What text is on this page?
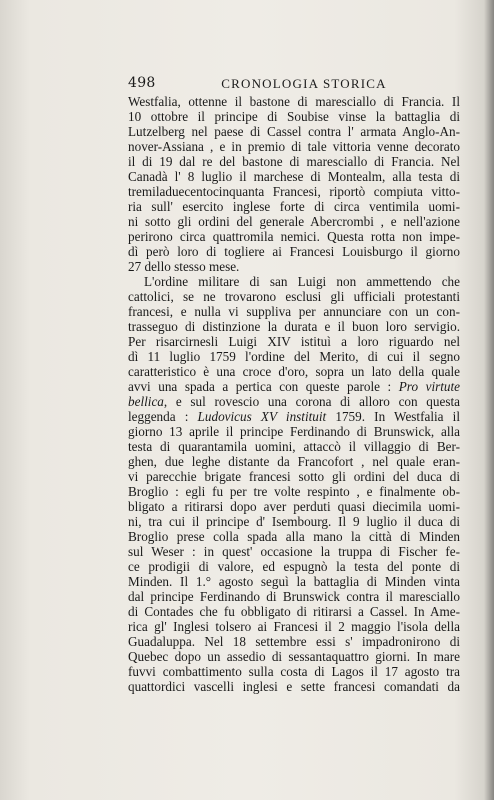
498	CRONOLOGIA STORICA
Westfalia, ottenne il bastone di maresciallo di Francia. Il
10 ottobre il principe di Soubise vinse la battaglia di
Lutzelberg nel paese di Cassel contra l' armata Anglo-An-
nover-Assiana , e in premio di tale vittoria venne decorato
il di 19 dal re del bastone di maresciallo di Francia. Nel
Canadà l' 8 luglio il marchese di Montealm, alla testa di
tremiladuecentocinquanta Francesi, riportò compiuta vitto-
ria sull' esercito inglese forte di circa ventimila uomi-
ni sotto gli ordini del generale Abercrombi , e nell'azione
perirono circa quattromila nemici. Questa rotta non impe-
dì però loro di togliere ai Francesi Louisburgo il giorno
27 dello stesso mese.
L'ordine militare di san Luigi non ammettendo che
cattolici, se ne trovarono esclusi gli ufficiali protestanti
francesi, e nulla vi suppliva per annunciare con un con-
trasseguo di distinzione la durata e il buon loro servigio.
Per risarcirnesli Luigi XIV istituì a loro riguardo nel
dì 11 luglio 1759 l'ordine del Merito, di cui il segno
caratteristico è una croce d'oro, sopra un lato della quale
avvi una spada a pertica con queste parole : Pro virtute
bellica, e sul rovescio una corona di alloro con questa
leggenda : Ludovicus XV instituit 1759. In Westfalia il
giorno 13 aprile il principe Ferdinando di Brunswick, alla
testa di quarantamila uomini, attaccò il villaggio di Ber-
ghen, due leghe distante da Francofort , nel quale eran-
vi parecchie brigate francesi sotto gli ordini del duca di
Broglio : egli fu per tre volte respinto , e finalmente ob-
bligato a ritirarsi dopo aver perduti quasi diecimila uomi-
ni, tra cui il principe d' Isembourg. Il 9 luglio il duca di
Broglio prese colla spada alla mano la città di Minden
sul Weser : in quest' occasione la truppa di Fischer fe-
ce prodigii di valore, ed espugnò la testa del ponte di
Minden. Il 1.° agosto seguì la battaglia di Minden vinta
dal principe Ferdinando di Brunswick contra il maresciallo
di Contades che fu obbligato di ritirarsi a Cassel. In Ame-
rica gl' Inglesi tolsero ai Francesi il 2 maggio l'isola della
Guadaluppa. Nel 18 settembre essi s' impadronirono di
Quebec dopo un assedio di sessantaquattro giorni. In mare
fuvvi combattimento sulla costa di Lagos il 17 agosto tra
quattordici vascelli inglesi e sette francesi comandati da
